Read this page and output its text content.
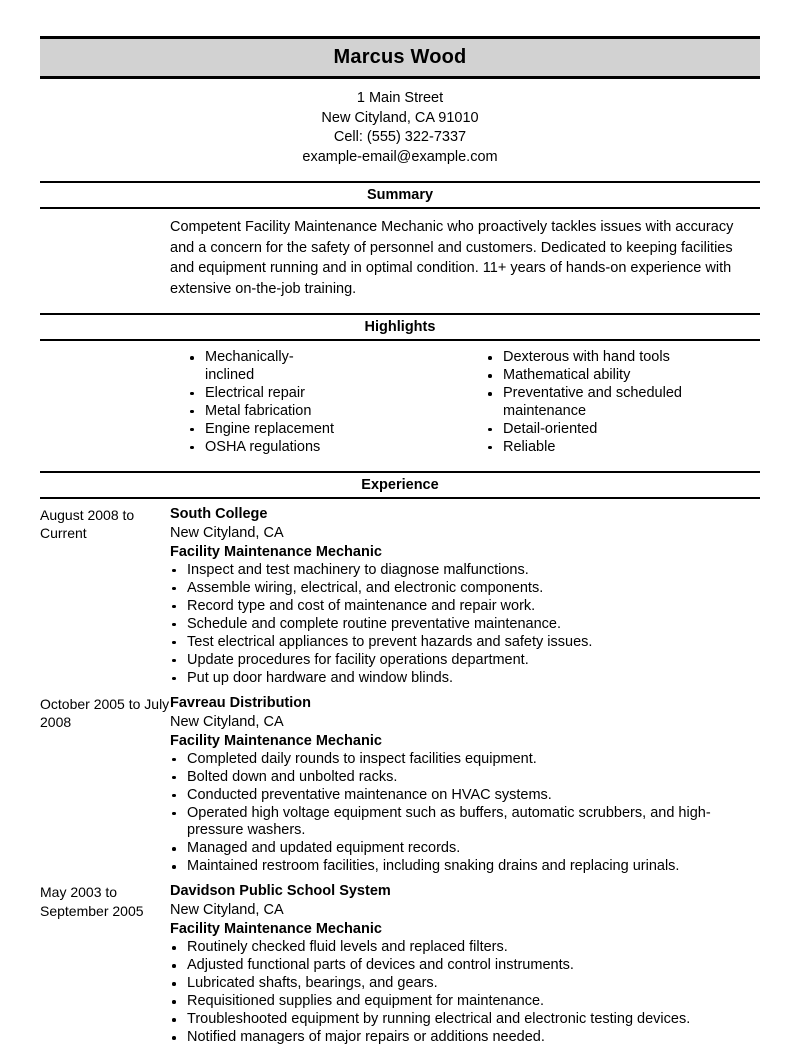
Marcus Wood
1 Main Street
New Cityland, CA 91010
Cell: (555) 322-7337
example-email@example.com
Summary
Competent Facility Maintenance Mechanic who proactively tackles issues with accuracy and a concern for the safety of personnel and customers. Dedicated to keeping facilities and equipment running and in optimal condition. 11+ years of hands-on experience with extensive on-the-job training.
Highlights
Mechanically-inclined
Electrical repair
Metal fabrication
Engine replacement
OSHA regulations
Dexterous with hand tools
Mathematical ability
Preventative and scheduled maintenance
Detail-oriented
Reliable
Experience
August 2008 to Current
South College
New Cityland, CA
Facility Maintenance Mechanic
Inspect and test machinery to diagnose malfunctions.
Assemble wiring, electrical, and electronic components.
Record type and cost of maintenance and repair work.
Schedule and complete routine preventative maintenance.
Test electrical appliances to prevent hazards and safety issues.
Update procedures for facility operations department.
Put up door hardware and window blinds.
October 2005 to July 2008
Favreau Distribution
New Cityland, CA
Facility Maintenance Mechanic
Completed daily rounds to inspect facilities equipment.
Bolted down and unbolted racks.
Conducted preventative maintenance on HVAC systems.
Operated high voltage equipment such as buffers, automatic scrubbers, and high-pressure washers.
Managed and updated equipment records.
Maintained restroom facilities, including snaking drains and replacing urinals.
May 2003 to September 2005
Davidson Public School System
New Cityland, CA
Facility Maintenance Mechanic
Routinely checked fluid levels and replaced filters.
Adjusted functional parts of devices and control instruments.
Lubricated shafts, bearings, and gears.
Requisitioned supplies and equipment for maintenance.
Troubleshooted equipment by running electrical and electronic testing devices.
Notified managers of major repairs or additions needed.
